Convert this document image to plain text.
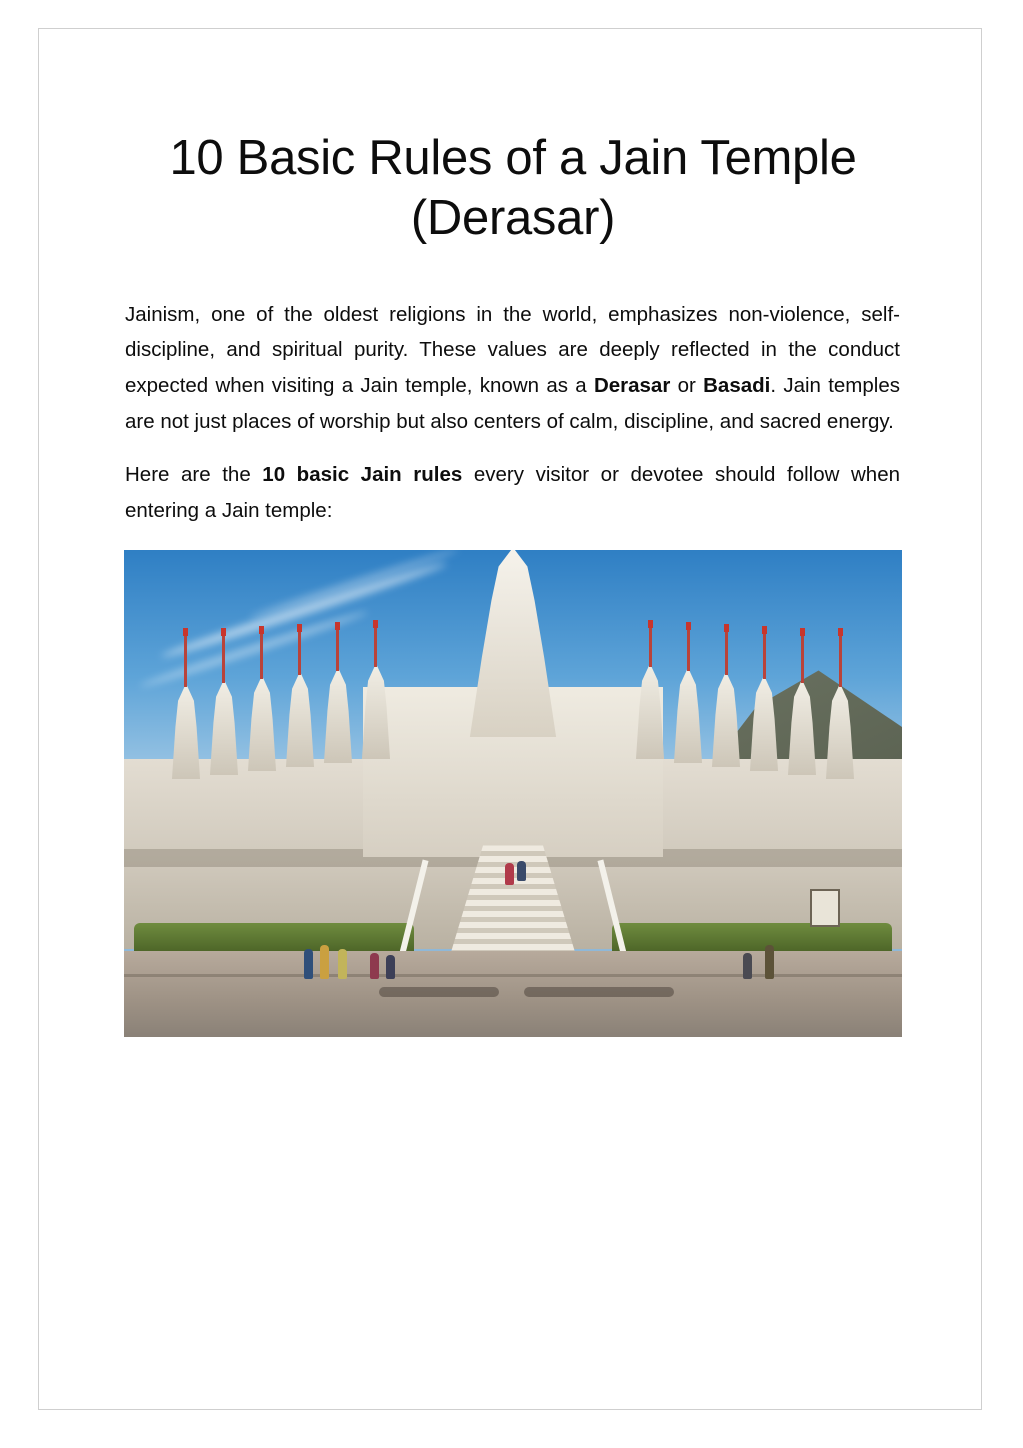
10 Basic Rules of a Jain Temple (Derasar)

Jainism, one of the oldest religions in the world, emphasizes non-violence, self-discipline, and spiritual purity. These values are deeply reflected in the conduct expected when visiting a Jain temple, known as a Derasar or Basadi. Jain temples are not just places of worship but also centers of calm, discipline, and sacred energy.

Here are the 10 basic Jain rules every visitor or devotee should follow when entering a Jain temple:
